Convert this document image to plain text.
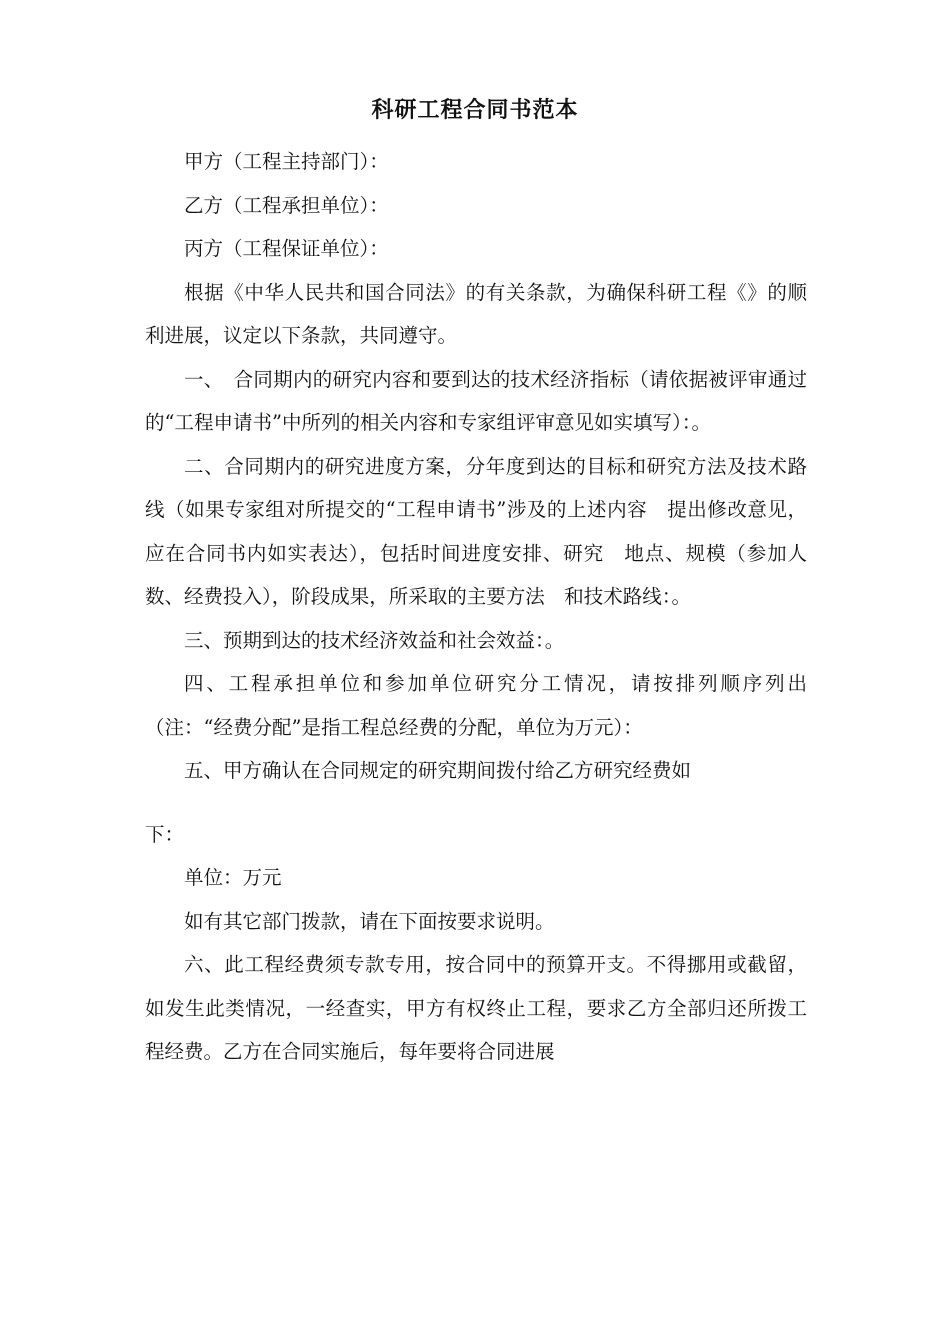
科研工程合同书范本

甲方（工程主持部门）：

乙方（工程承担单位）：

丙方（工程保证单位）：

根据《中华人民共和国合同法》的有关条款，为确保科研工程《》的顺利进展，议定以下条款，共同遵守。

一、　合同期内的研究内容和要到达的技术经济指标（请依据被评审通过的“工程申请书”中所列的相关内容和专家组评审意见如实填写）：。

二、合同期内的研究进度方案，分年度到达的目标和研究方法及技术路线（如果专家组对所提交的“工程申请书”涉及的上述内容　提出修改意见，应在合同书内如实表达），包括时间进度安排、研究　地点、规模（参加人数、经费投入），阶段成果，所采取的主要方法　和技术路线：。

三、预期到达的技术经济效益和社会效益：。

四、工程承担单位和参加单位研究分工情况，请按排列顺序列出（注：“经费分配”是指工程总经费的分配，单位为万元）：

五、甲方确认在合同规定的研究期间拨付给乙方研究经费如

下：

单位：万元

如有其它部门拨款，请在下面按要求说明。

六、此工程经费须专款专用，按合同中的预算开支。不得挪用或截留，如发生此类情况，一经查实，甲方有权终止工程，要求乙方全部归还所拨工程经费。乙方在合同实施后，每年要将合同进展
